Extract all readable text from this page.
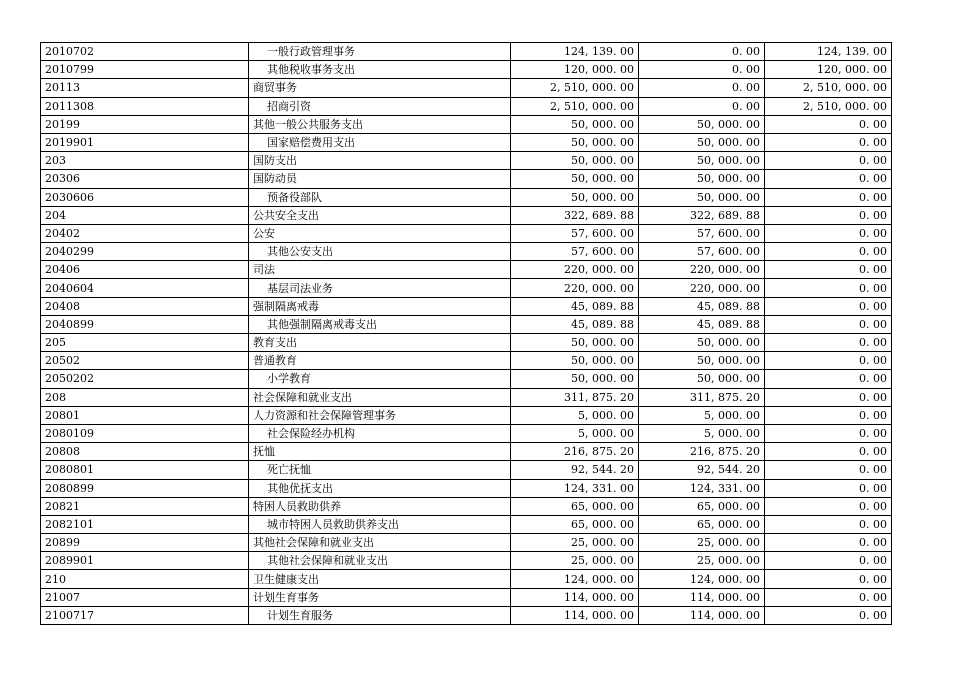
2010702	一般行政管理事务	124, 139. 00	0. 00	124, 139. 00
2010799	其他税收事务支出	120, 000. 00	0. 00	120, 000. 00
20113	商贸事务	2, 510, 000. 00	0. 00	2, 510, 000. 00
2011308	招商引资	2, 510, 000. 00	0. 00	2, 510, 000. 00
20199	其他一般公共服务支出	50, 000. 00	50, 000. 00	0. 00
2019901	国家赔偿费用支出	50, 000. 00	50, 000. 00	0. 00
203	国防支出	50, 000. 00	50, 000. 00	0. 00
20306	国防动员	50, 000. 00	50, 000. 00	0. 00
2030606	预备役部队	50, 000. 00	50, 000. 00	0. 00
204	公共安全支出	322, 689. 88	322, 689. 88	0. 00
20402	公安	57, 600. 00	57, 600. 00	0. 00
2040299	其他公安支出	57, 600. 00	57, 600. 00	0. 00
20406	司法	220, 000. 00	220, 000. 00	0. 00
2040604	基层司法业务	220, 000. 00	220, 000. 00	0. 00
20408	强制隔离戒毒	45, 089. 88	45, 089. 88	0. 00
2040899	其他强制隔离戒毒支出	45, 089. 88	45, 089. 88	0. 00
205	教育支出	50, 000. 00	50, 000. 00	0. 00
20502	普通教育	50, 000. 00	50, 000. 00	0. 00
2050202	小学教育	50, 000. 00	50, 000. 00	0. 00
208	社会保障和就业支出	311, 875. 20	311, 875. 20	0. 00
20801	人力资源和社会保障管理事务	5, 000. 00	5, 000. 00	0. 00
2080109	社会保险经办机构	5, 000. 00	5, 000. 00	0. 00
20808	抚恤	216, 875. 20	216, 875. 20	0. 00
2080801	死亡抚恤	92, 544. 20	92, 544. 20	0. 00
2080899	其他优抚支出	124, 331. 00	124, 331. 00	0. 00
20821	特困人员救助供养	65, 000. 00	65, 000. 00	0. 00
2082101	城市特困人员救助供养支出	65, 000. 00	65, 000. 00	0. 00
20899	其他社会保障和就业支出	25, 000. 00	25, 000. 00	0. 00
2089901	其他社会保障和就业支出	25, 000. 00	25, 000. 00	0. 00
210	卫生健康支出	124, 000. 00	124, 000. 00	0. 00
21007	计划生育事务	114, 000. 00	114, 000. 00	0. 00
2100717	计划生育服务	114, 000. 00	114, 000. 00	0. 00
